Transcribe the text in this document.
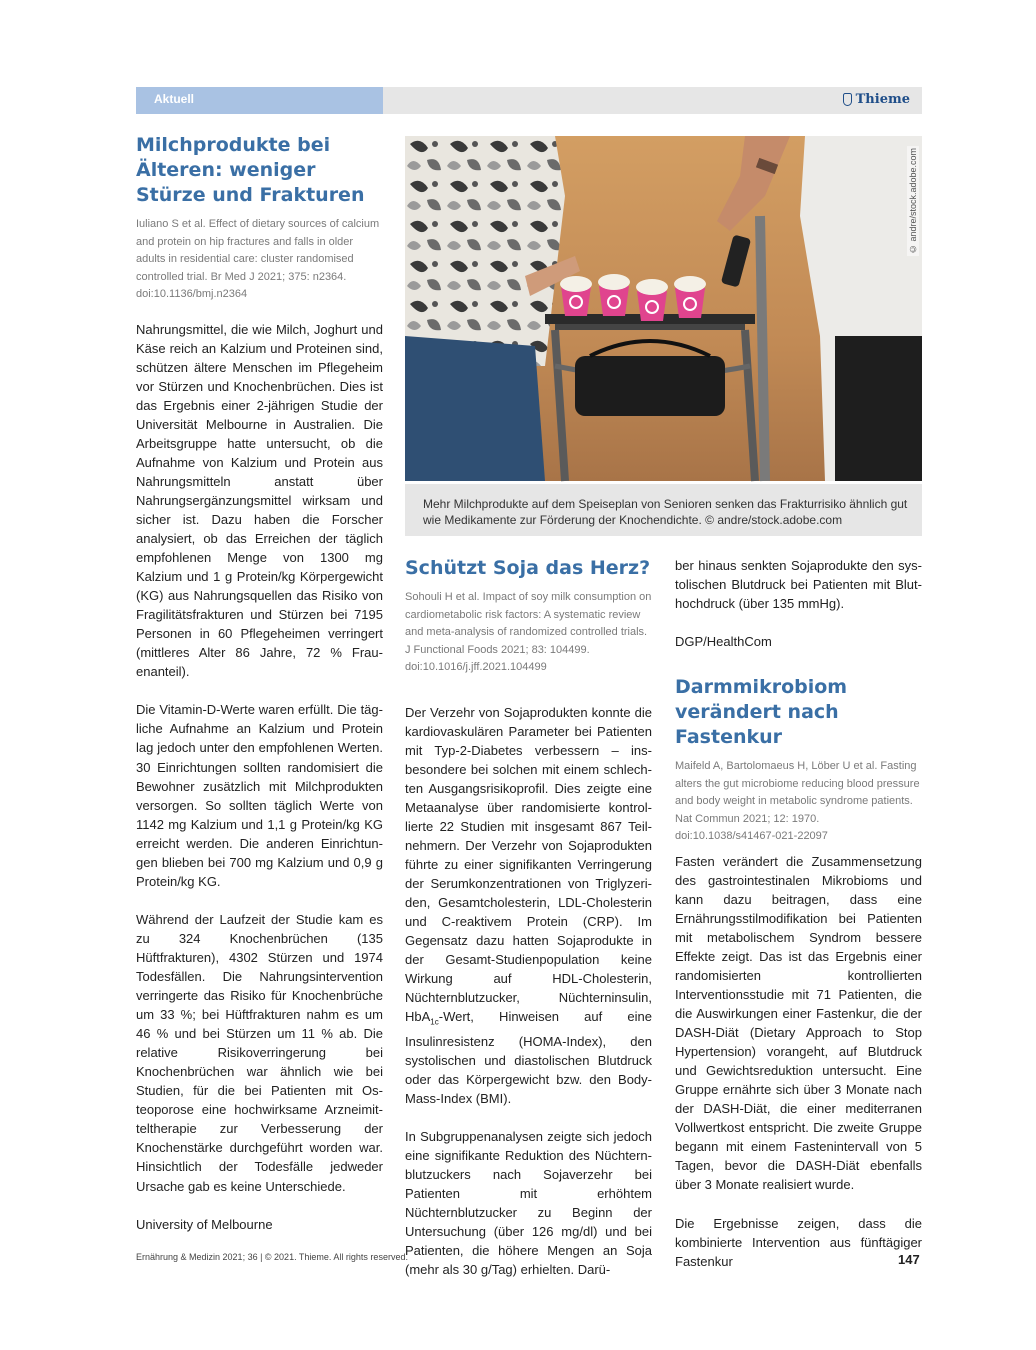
Aktuell	Thieme
Milchprodukte bei Älteren: weniger Stürze und Frakturen

Iuliano S et al. Effect of dietary sources of calcium and protein on hip fractures and falls in older adults in residential care: cluster randomised controlled trial. Br Med J 2021; 375: n2364. doi:10.1136/bmj.n2364

Nahrungsmittel, die wie Milch, Joghurt und Käse reich an Kalzium und Proteinen sind, schützen ältere Menschen im Pflegeheim vor Stürzen und Knochenbrüchen. Dies ist das Ergebnis einer 2-jährigen Studie der Universität Melbourne in Australien. Die Arbeitsgruppe hatte untersucht, ob die Aufnahme von Kalzium und Protein aus Nahrungsmitteln anstatt über Nahrungsergänzungsmittel wirksam und sicher ist. Dazu haben die Forscher analysiert, ob das Erreichen der täglich empfohlenen Menge von 1300 mg Kalzium und 1 g Protein/kg Körpergewicht (KG) aus Nahrungsquellen das Risiko von Fragilitätsfrakturen und Stürzen bei 7195 Personen in 60 Pflegeheimen verringert (mittleres Alter 86 Jahre, 72 % Frauenanteil).

Die Vitamin-D-Werte waren erfüllt. Die tägliche Aufnahme an Kalzium und Protein lag jedoch unter den empfohlenen Werten. 30 Einrichtungen sollten randomisiert die Bewohner zusätzlich mit Milchprodukten versorgen. So sollten täglich Werte von 1142 mg Kalzium und 1,1 g Protein/kg KG erreicht werden. Die anderen Einrichtungen blieben bei 700 mg Kalzium und 0,9 g Protein/kg KG.

Während der Laufzeit der Studie kam es zu 324 Knochenbrüchen (135 Hüftfrakturen), 4302 Stürzen und 1974 Todesfällen. Die Nahrungsintervention verringerte das Risiko für Knochenbrüche um 33 %; bei Hüftfrakturen nahm es um 46 % und bei Stürzen um 11 % ab. Die relative Risikoverringerung bei Knochenbrüchen war ähnlich wie bei Studien, für die bei Patienten mit Osteoporose eine hochwirksame Arzneimitteltherapie zur Verbesserung der Knochenstärke durchgeführt worden war. Hinsichtlich der Todesfälle jedweder Ursache gab es keine Unterschiede.

University of Melbourne

© andre/stock.adobe.com

Mehr Milchprodukte auf dem Speiseplan von Senioren senken das Frakturrisiko ähnlich gut wie Medikamente zur Förderung der Knochendichte. © andre/stock.adobe.com

Schützt Soja das Herz?

Sohouli H et al. Impact of soy milk consumption on cardiometabolic risk factors: A systematic review and meta-analysis of randomized controlled trials. J Functional Foods 2021; 83: 104499. doi:10.1016/j.jff.2021.104499

Der Verzehr von Sojaprodukten konnte die kardiovaskulären Parameter bei Patienten mit Typ-2-Diabetes verbessern – insbesondere bei solchen mit einem schlechten Ausgangsrisikoprofil. Dies zeigte eine Metaanalyse über randomisierte kontrollierte 22 Studien mit insgesamt 867 Teilnehmern. Der Verzehr von Sojaprodukten führte zu einer signifikanten Verringerung der Serumkonzentrationen von Triglyzeriden, Gesamtcholesterin, LDL-Cholesterin und C-reaktivem Protein (CRP). Im Gegensatz dazu hatten Sojaprodukte in der Gesamt-Studienpopulation keine Wirkung auf HDL-Cholesterin, Nüchternblutzucker, Nüchterninsulin, HbA$_{1c}$-Wert, Hinweisen auf eine Insulinresistenz (HOMA-Index), den systolischen und diastolischen Blutdruck oder das Körpergewicht bzw. den Body-Mass-Index (BMI).

In Subgruppenanalysen zeigte sich jedoch eine signifikante Reduktion des Nüchternblutzuckers nach Sojaverzehr bei Patienten mit erhöhtem Nüchternblutzucker zu Beginn der Untersuchung (über 126 mg/dl) und bei Patienten, die höhere Mengen an Soja (mehr als 30 g/Tag) erhielten. Darü-

ber hinaus senkten Sojaprodukte den systolischen Blutdruck bei Patienten mit Bluthochdruck (über 135 mmHg).

DGP/HealthCom

Darmmikrobiom verändert nach Fastenkur

Maifeld A, Bartolomaeus H, Löber U et al. Fasting alters the gut microbiome reducing blood pressure and body weight in metabolic syndrome patients. Nat Commun 2021; 12: 1970. doi:10.1038/s41467-021-22097

Fasten verändert die Zusammensetzung des gastrointestinalen Mikrobioms und kann dazu beitragen, dass eine Ernährungsstilmodifikation bei Patienten mit metabolischem Syndrom bessere Effekte zeigt. Das ist das Ergebnis einer randomisierten kontrollierten Interventionsstudie mit 71 Patienten, die die Auswirkungen einer Fastenkur, die der DASH-Diät (Dietary Approach to Stop Hypertension) vorangeht, auf Blutdruck und Gewichtsreduktion untersucht. Eine Gruppe ernährte sich über 3 Monate nach der DASH-Diät, die einer mediterranen Vollwertkost entspricht. Die zweite Gruppe begann mit einem Fastenintervall von 5 Tagen, bevor die DASH-Diät ebenfalls über 3 Monate realisiert wurde.

Die Ergebnisse zeigen, dass die kombinierte Intervention aus fünftägiger Fastenkur

Ernährung & Medizin 2021; 36 | © 2021. Thieme. All rights reserved.	147
